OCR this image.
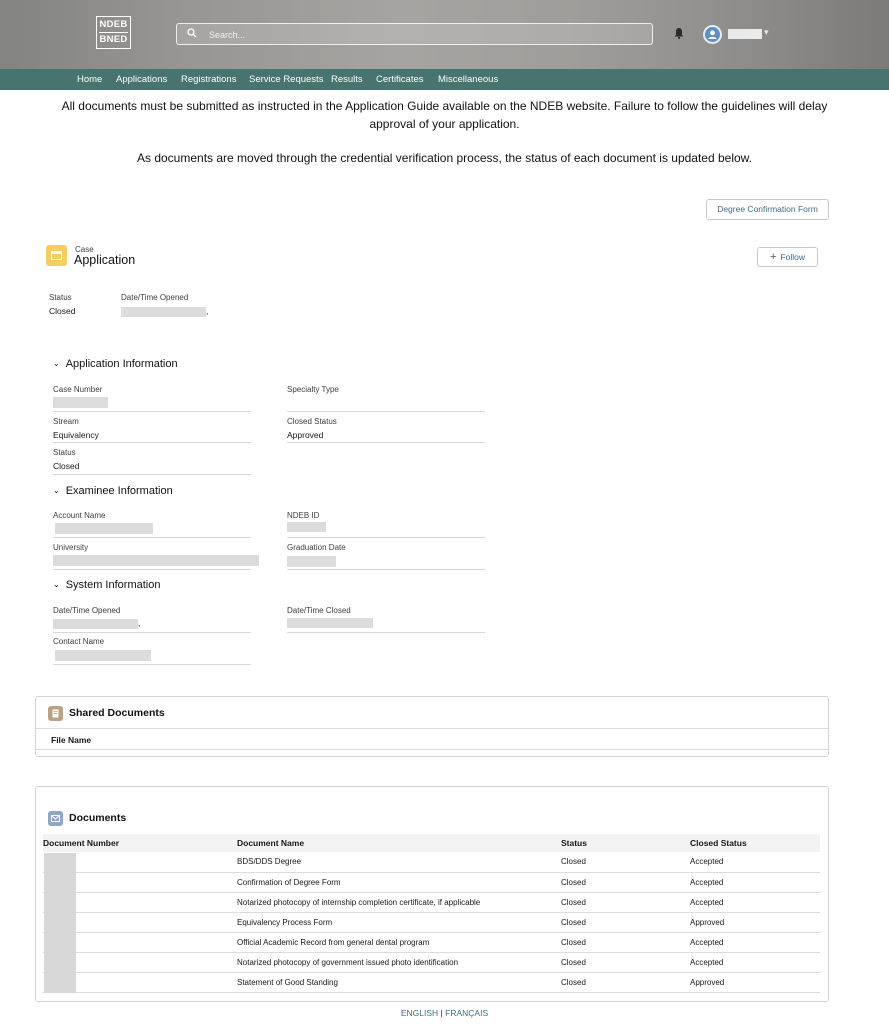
NDEB
BNED
Search...
▾
Home Applications Registrations Service Requests Results Certificates Miscellaneous
All documents must be submitted as instructed in the Application Guide available on the NDEB website. Failure to follow the guidelines will delay approval of your application.
As documents are moved through the credential verification process, the status of each document is updated below.
Degree Confirmation Form
Case
Application	+ Follow
Status
Closed
Date/Time Opened
,
⌄ Application Information
Case Number	Specialty Type
Stream
Equivalency
Closed Status
Approved
Status
Closed
⌄ Examinee Information
Account Name	NDEB ID
University	Graduation Date
⌄ System Information
Date/Time Opened
,
Date/Time Closed
Contact Name
Shared Documents
File Name
Documents
Document Number	Document Name	Status	Closed Status
	BDS/DDS Degree	Closed	Accepted
	Confirmation of Degree Form	Closed	Accepted
	Notarized photocopy of internship completion certificate, if applicable	Closed	Accepted
	Equivalency Process Form	Closed	Approved
	Official Academic Record from general dental program	Closed	Accepted
	Notarized photocopy of government issued photo identification	Closed	Accepted
	Statement of Good Standing	Closed	Approved
ENGLISH | FRANÇAIS
